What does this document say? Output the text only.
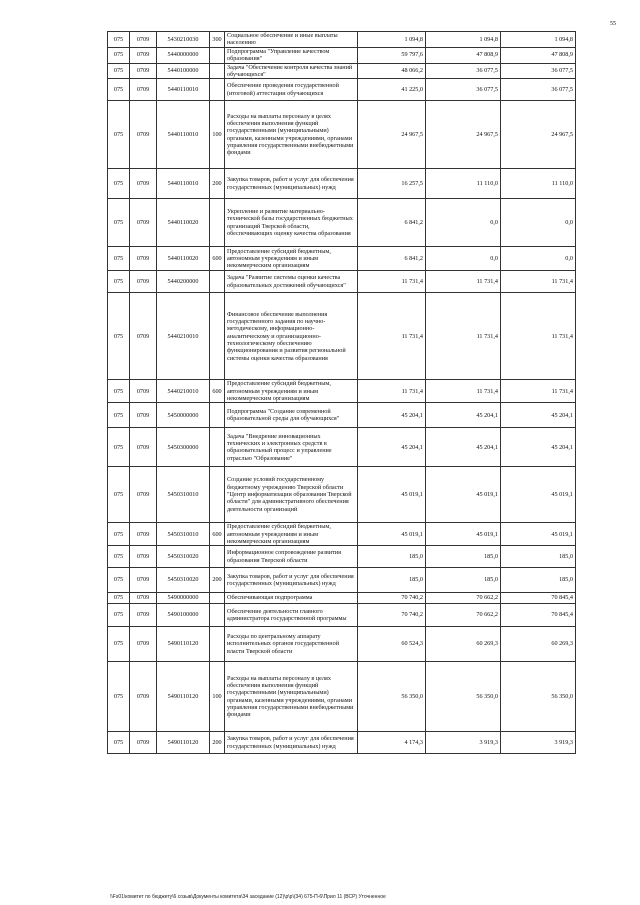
55
075	0709	5430210030	300	Социальное обеспечение и иные выплаты населению	1 094,8	1 094,8	1 094,8
075	0709	5440000000		Подпрограмма "Управление качеством образования"	59 797,6	47 808,9	47 808,9
075	0709	5440100000		Задача "Обеспечение контроля качества знаний обучающихся"	48 066,2	36 077,5	36 077,5
075	0709	5440110010		Обеспечение проведения государственной (итоговой) аттестации обучающихся	41 225,0	36 077,5	36 077,5
075	0709	5440110010	100	Расходы на выплаты персоналу в целях обеспечения выполнения функций государственными (муниципальными) органами, казенными учреждениями, органами управления государственными внебюджетными фондами	24 967,5	24 967,5	24 967,5
075	0709	5440110010	200	Закупка товаров, работ и услуг для обеспечения государственных (муниципальных) нужд	16 257,5	11 110,0	11 110,0
075	0709	5440110020		Укрепление и развитие материально-технической базы государственных бюджетных организаций Тверской области, обеспечивающих оценку качества образования	6 841,2	0,0	0,0
075	0709	5440110020	600	Предоставление субсидий бюджетным, автономным учреждениям и иным некоммерческим организациям	6 841,2	0,0	0,0
075	0709	5440200000		Задача "Развитие системы оценки качества образовательных достижений обучающихся"	11 731,4	11 731,4	11 731,4
075	0709	5440210010		Финансовое обеспечение выполнения государственного задания по научно-методическому, информационно-аналитическому и организационно-технологическому обеспечению функционирования и развития региональной системы оценки качества образования	11 731,4	11 731,4	11 731,4
075	0709	5440210010	600	Предоставление субсидий бюджетным, автономным учреждениям и иным некоммерческим организациям	11 731,4	11 731,4	11 731,4
075	0709	5450000000		Подпрограмма "Создание современной образовательной среды для обучающихся"	45 204,1	45 204,1	45 204,1
075	0709	5450300000		Задача "Внедрение инновационных технических и электронных средств в образовательный процесс и управление отраслью "Образование"	45 204,1	45 204,1	45 204,1
075	0709	5450310010		Создание условий государственному бюджетному учреждению Тверской области "Центр информатизации образования Тверской области" для административного обеспечения деятельности организаций	45 019,1	45 019,1	45 019,1
075	0709	5450310010	600	Предоставление субсидий бюджетным, автономным учреждениям и иным некоммерческим организациям	45 019,1	45 019,1	45 019,1
075	0709	5450310020		Информационное сопровождение развития образования Тверской области	185,0	185,0	185,0
075	0709	5450310020	200	Закупка товаров, работ и услуг для обеспечения государственных (муниципальных) нужд	185,0	185,0	185,0
075	0709	5490000000		Обеспечивающая подпрограмма	70 740,2	70 662,2	70 845,4
075	0709	5490100000		Обеспечение деятельности главного администратора государственной программы	70 740,2	70 662,2	70 845,4
075	0709	5490110120		Расходы по центральному аппарату исполнительных органов государственной власти Тверской области	60 524,3	60 269,3	60 269,3
075	0709	5490110120	100	Расходы на выплаты персоналу в целях обеспечения выполнения функций государственными (муниципальными) органами, казенными учреждениями, органами управления государственными внебюджетными фондами	56 350,0	56 350,0	56 350,0
075	0709	5490110120	200	Закупка товаров, работ и услуг для обеспечения государственных (муниципальных) нужд	4 174,3	3 919,3	3 919,3
\\Fs01\комитет по бюджету\6 созыв\Документы комитета\34 заседание (12)\р\р\(34) 675-П-6\Прил 11 (ВСР) Уточненное
